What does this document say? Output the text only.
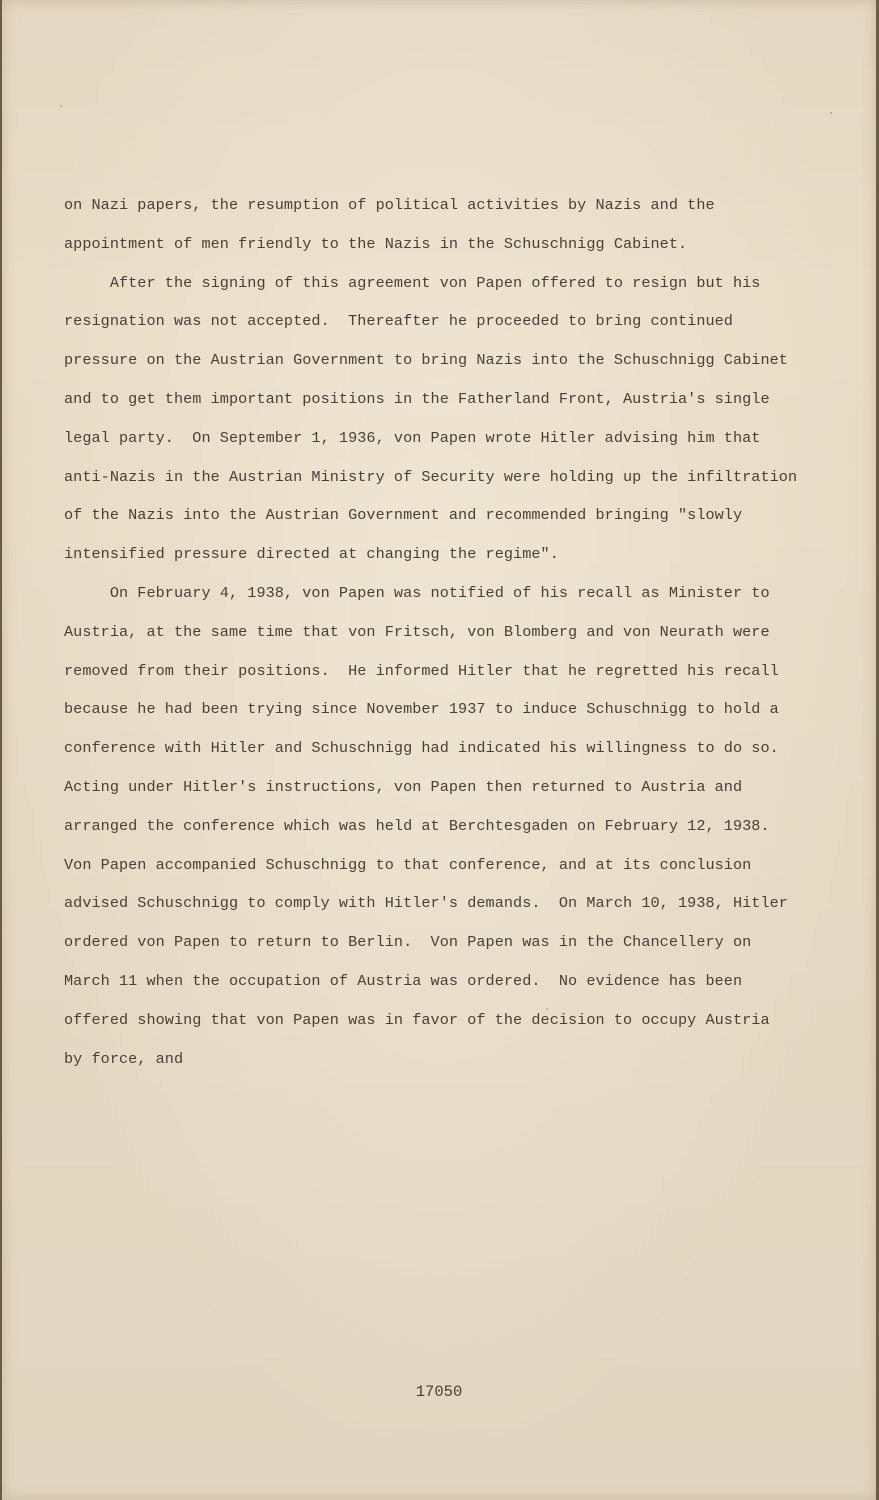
on Nazi papers, the resumption of political activities by Nazis and the
appointment of men friendly to the Nazis in the Schuschnigg Cabinet.
After the signing of this agreement von Papen offered to resign but his
resignation was not accepted.  Thereafter he proceeded to bring continued
pressure on the Austrian Government to bring Nazis into the Schuschnigg Cabinet
and to get them important positions in the Fatherland Front, Austria's single
legal party.  On September 1, 1936, von Papen wrote Hitler advising him that
anti-Nazis in the Austrian Ministry of Security were holding up the infiltration
of the Nazis into the Austrian Government and recommended bringing "slowly
intensified pressure directed at changing the regime".
On February 4, 1938, von Papen was notified of his recall as Minister to
Austria, at the same time that von Fritsch, von Blomberg and von Neurath were
removed from their positions.  He informed Hitler that he regretted his recall
because he had been trying since November 1937 to induce Schuschnigg to hold a
conference with Hitler and Schuschnigg had indicated his willingness to do so.
Acting under Hitler's instructions, von Papen then returned to Austria and
arranged the conference which was held at Berchtesgaden on February 12, 1938.
Von Papen accompanied Schuschnigg to that conference, and at its conclusion
advised Schuschnigg to comply with Hitler's demands.  On March 10, 1938, Hitler
ordered von Papen to return to Berlin.  Von Papen was in the Chancellery on
March 11 when the occupation of Austria was ordered.  No evidence has been
offered showing that von Papen was in favor of the decision to occupy Austria
by force, and
17050
